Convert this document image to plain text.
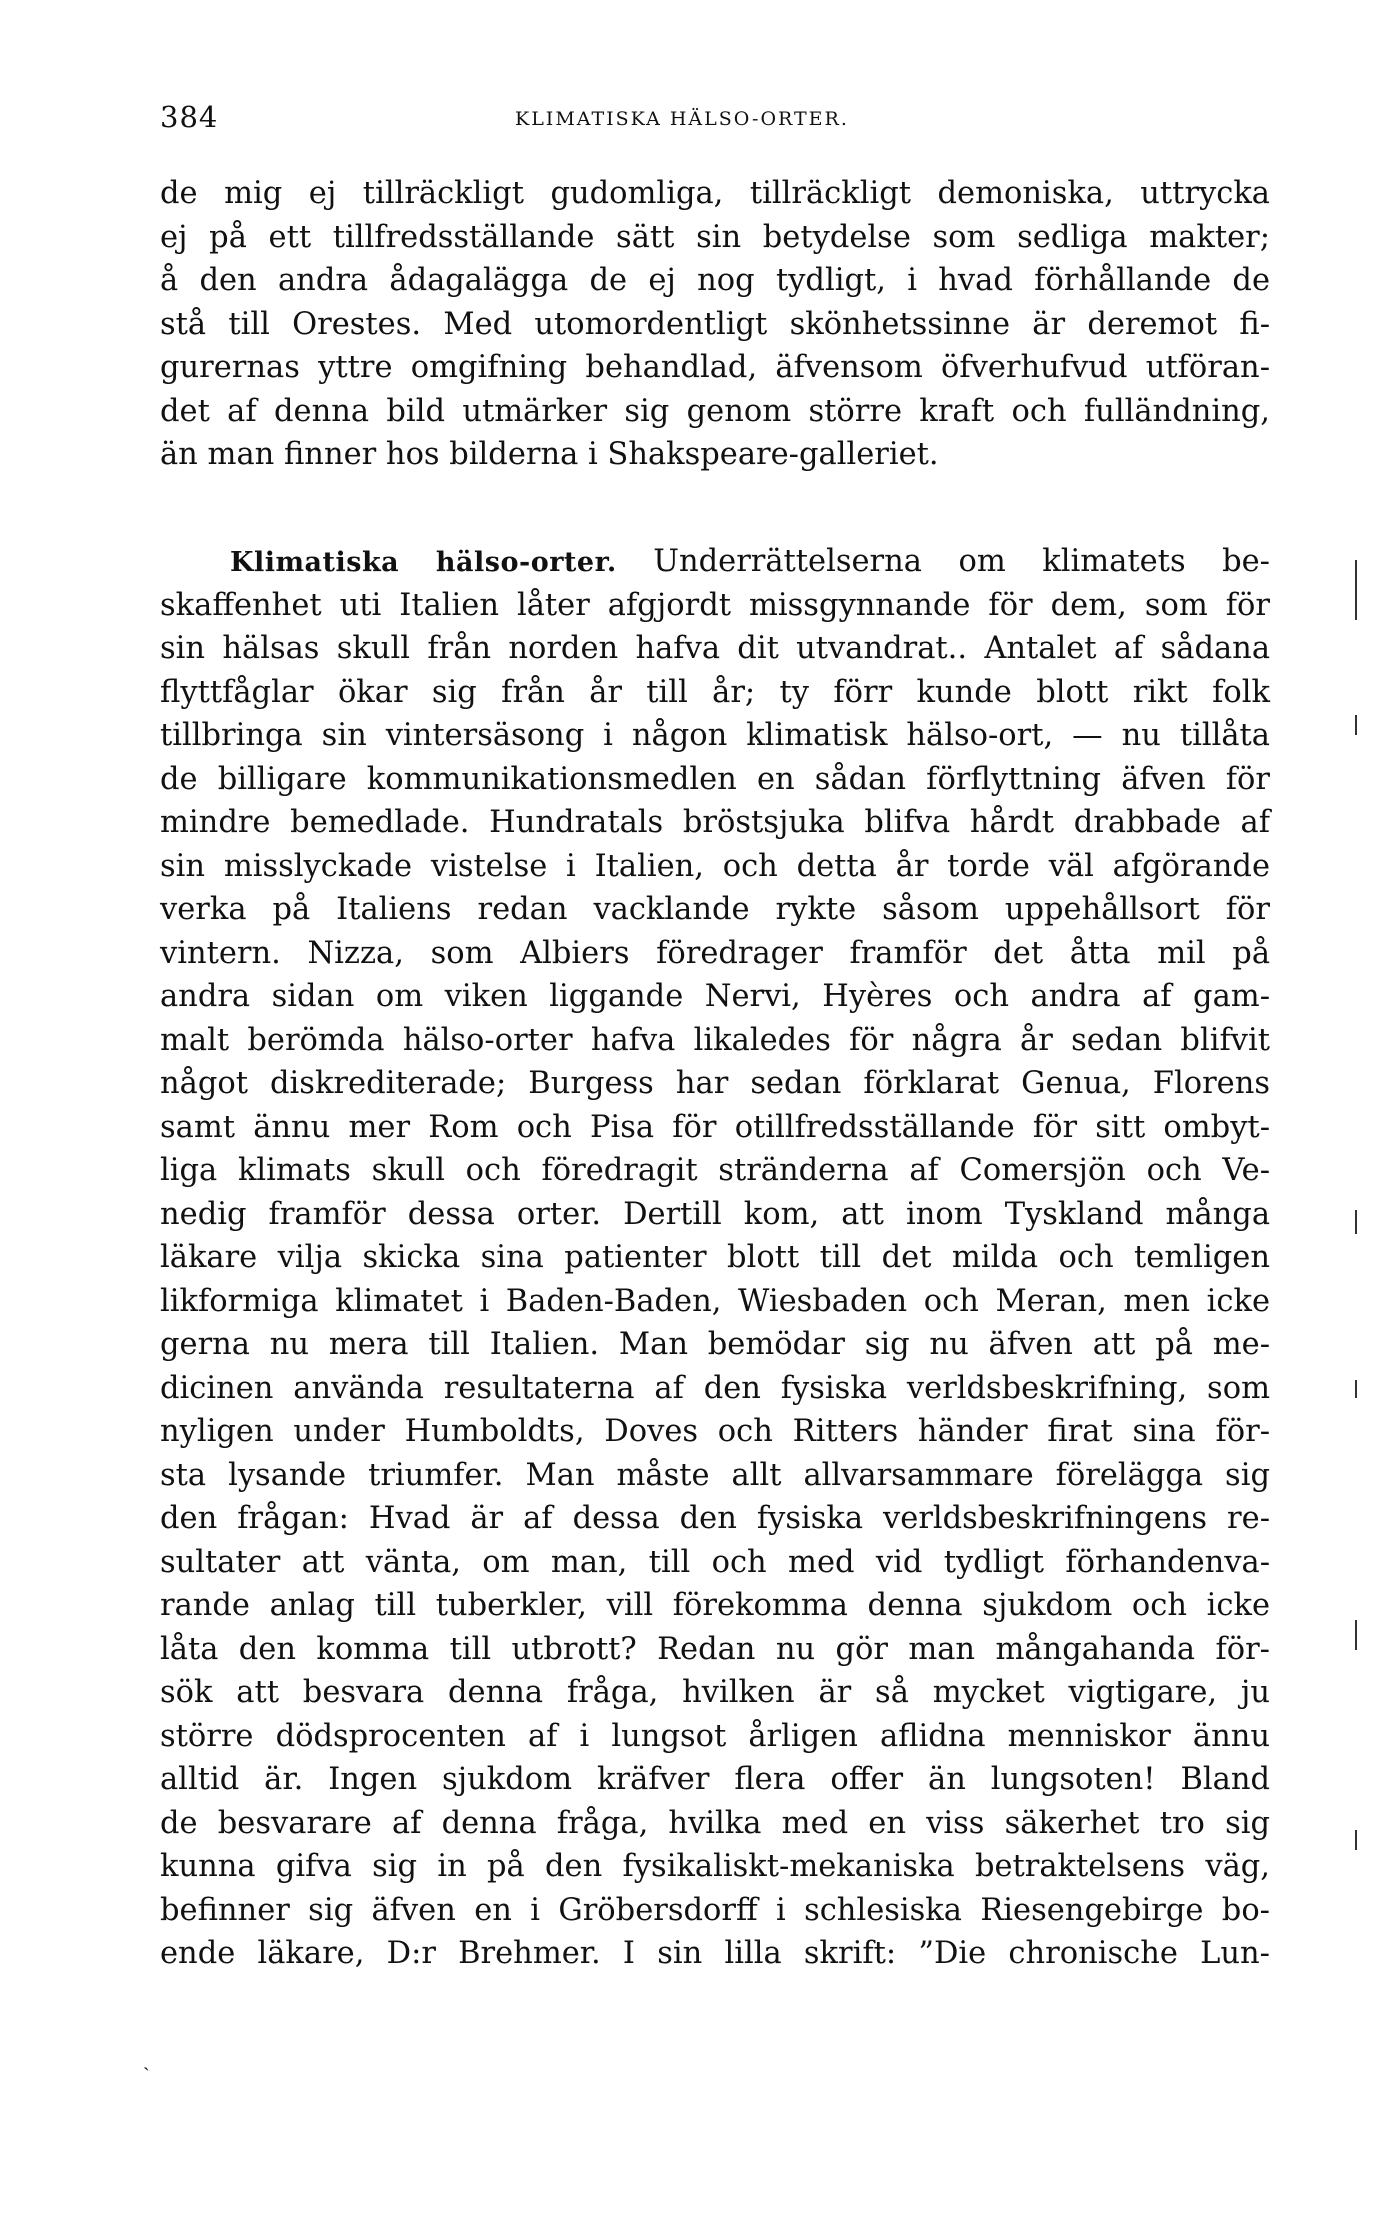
384	KLIMATISKA HÄLSO-ORTER.
de mig ej tillräckligt gudomliga, tillräckligt demoniska, uttrycka
ej på ett tillfredsställande sätt sin betydelse som sedliga makter;
å den andra ådagalägga de ej nog tydligt, i hvad förhållande de
stå till Orestes. Med utomordentligt skönhetssinne är deremot fi-
gurernas yttre omgifning behandlad, äfvensom öfverhufvud utföran-
det af denna bild utmärker sig genom större kraft och fulländning,
än man finner hos bilderna i Shakspeare-galleriet.
Klimatiska hälso-orter. Underrättelserna om klimatets be-
skaffenhet uti Italien låter afgjordt missgynnande för dem, som för
sin hälsas skull från norden hafva dit utvandrat.. Antalet af sådana
flyttfåglar ökar sig från år till år; ty förr kunde blott rikt folk
tillbringa sin vintersäsong i någon klimatisk hälso-ort, — nu tillåta
de billigare kommunikationsmedlen en sådan förflyttning äfven för
mindre bemedlade. Hundratals bröstsjuka blifva hårdt drabbade af
sin misslyckade vistelse i Italien, och detta år torde väl afgörande
verka på Italiens redan vacklande rykte såsom uppehållsort för
vintern. Nizza, som Albiers föredrager framför det åtta mil på
andra sidan om viken liggande Nervi, Hyères och andra af gam-
malt berömda hälso-orter hafva likaledes för några år sedan blifvit
något diskrediterade; Burgess har sedan förklarat Genua, Florens
samt ännu mer Rom och Pisa för otillfredsställande för sitt ombyt-
liga klimats skull och föredragit stränderna af Comersjön och Ve-
nedig framför dessa orter. Dertill kom, att inom Tyskland många
läkare vilja skicka sina patienter blott till det milda och temligen
likformiga klimatet i Baden-Baden, Wiesbaden och Meran, men icke
gerna nu mera till Italien. Man bemödar sig nu äfven att på me-
dicinen använda resultaterna af den fysiska verldsbeskrifning, som
nyligen under Humboldts, Doves och Ritters händer firat sina för-
sta lysande triumfer. Man måste allt allvarsammare förelägga sig
den frågan: Hvad är af dessa den fysiska verldsbeskrifningens re-
sultater att vänta, om man, till och med vid tydligt förhandenva-
rande anlag till tuberkler, vill förekomma denna sjukdom och icke
låta den komma till utbrott? Redan nu gör man mångahanda för-
sök att besvara denna fråga, hvilken är så mycket vigtigare, ju
större dödsprocenten af i lungsot årligen aflidna menniskor ännu
alltid är. Ingen sjukdom kräfver flera offer än lungsoten! Bland
de besvarare af denna fråga, hvilka med en viss säkerhet tro sig
kunna gifva sig in på den fysikaliskt-mekaniska betraktelsens väg,
befinner sig äfven en i Gröbersdorff i schlesiska Riesengebirge bo-
ende läkare, D:r Brehmer. I sin lilla skrift: ”Die chronische Lun-
ˎ
